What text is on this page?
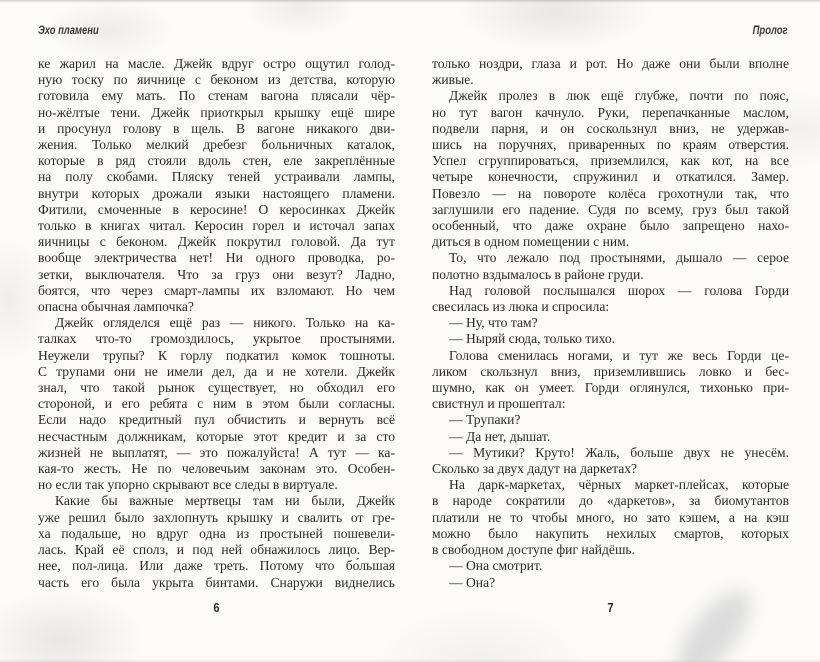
Эхо пламени	Пролог
ке жарил на масле. Джейк вдруг остро ощутил голод-
ную тоску по яичнице с беконом из детства, которую
готовила ему мать. По стенам вагона плясали чёр-
но-жёлтые тени. Джейк приоткрыл крышку ещё шире
и просунул голову в щель. В вагоне никакого дви-
жения. Только мелкий дребезг больничных каталок,
которые в ряд стояли вдоль стен, еле закреплённые
на полу скобами. Пляску теней устраивали лампы,
внутри которых дрожали языки настоящего пламени.
Фитили, смоченные в керосине! О керосинках Джейк
только в книгах читал. Керосин горел и источал запах
яичницы с беконом. Джейк покрутил головой. Да тут
вообще электричества нет! Ни одного проводка, ро-
зетки, выключателя. Что за груз они везут? Ладно,
боятся, что через смарт-лампы их взломают. Но чем
опасна обычная лампочка?
Джейк огляделся ещё раз — никого. Только на ка-
талках что-то громоздилось, укрытое простынями.
Неужели трупы? К горлу подкатил комок тошноты.
С трупами они не имели дел, да и не хотели. Джейк
знал, что такой рынок существует, но обходил его
стороной, и его ребята с ним в этом были согласны.
Если надо кредитный пул обчистить и вернуть всё
несчастным должникам, которые этот кредит и за сто
жизней не выплатят, — это пожалуйста! А тут — ка-
кая-то жесть. Не по человечьим законам это. Особен-
но если так упорно скрывают все следы в виртуале.
Какие бы важные мертвецы там ни были, Джейк
уже решил было захлопнуть крышку и свалить от гре-
ха подальше, но вдруг одна из простыней пошевели-
лась. Край её сполз, и под ней обнажилось лицо. Вер-
нее, пол-лица. Или даже треть. Потому что бо́льшая
часть его была укрыта бинтами. Снаружи виднелись
только ноздри, глаза и рот. Но даже они были вполне
живые.
Джейк пролез в люк ещё глубже, почти по пояс,
но тут вагон качнуло. Руки, перепачканные маслом,
подвели парня, и он соскользнул вниз, не удержав-
шись на поручнях, приваренных по краям отверстия.
Успел сгруппироваться, приземлился, как кот, на все
четыре конечности, спружинил и откатился. Замер.
Повезло — на повороте колёса грохотнули так, что
заглушили его падение. Судя по всему, груз был такой
особенный, что даже охране было запрещено нахо-
диться в одном помещении с ним.
То, что лежало под простынями, дышало — серое
полотно вздымалось в районе груди.
Над головой послышался шорох — голова Горди
свесилась из люка и спросила:
— Ну, что там?
— Ныряй сюда, только тихо.
Голова сменилась ногами, и тут же весь Горди це-
ликом скользнул вниз, приземлившись ловко и бес-
шумно, как он умеет. Горди оглянулся, тихонько при-
свистнул и прошептал:
— Трупаки?
— Да нет, дышат.
— Мутики? Круто! Жаль, больше двух не унесём.
Сколько за двух дадут на даркетах?
На дарк-маркетах, чёрных маркет-плейсах, которые
в народе сократили до «даркетов», за биомутантов
платили не то чтобы много, но зато кэшем, а на кэш
можно было накупить нехилых смартов, которых
в свободном доступе фиг найдёшь.
— Она смотрит.
— Она?
6	7
